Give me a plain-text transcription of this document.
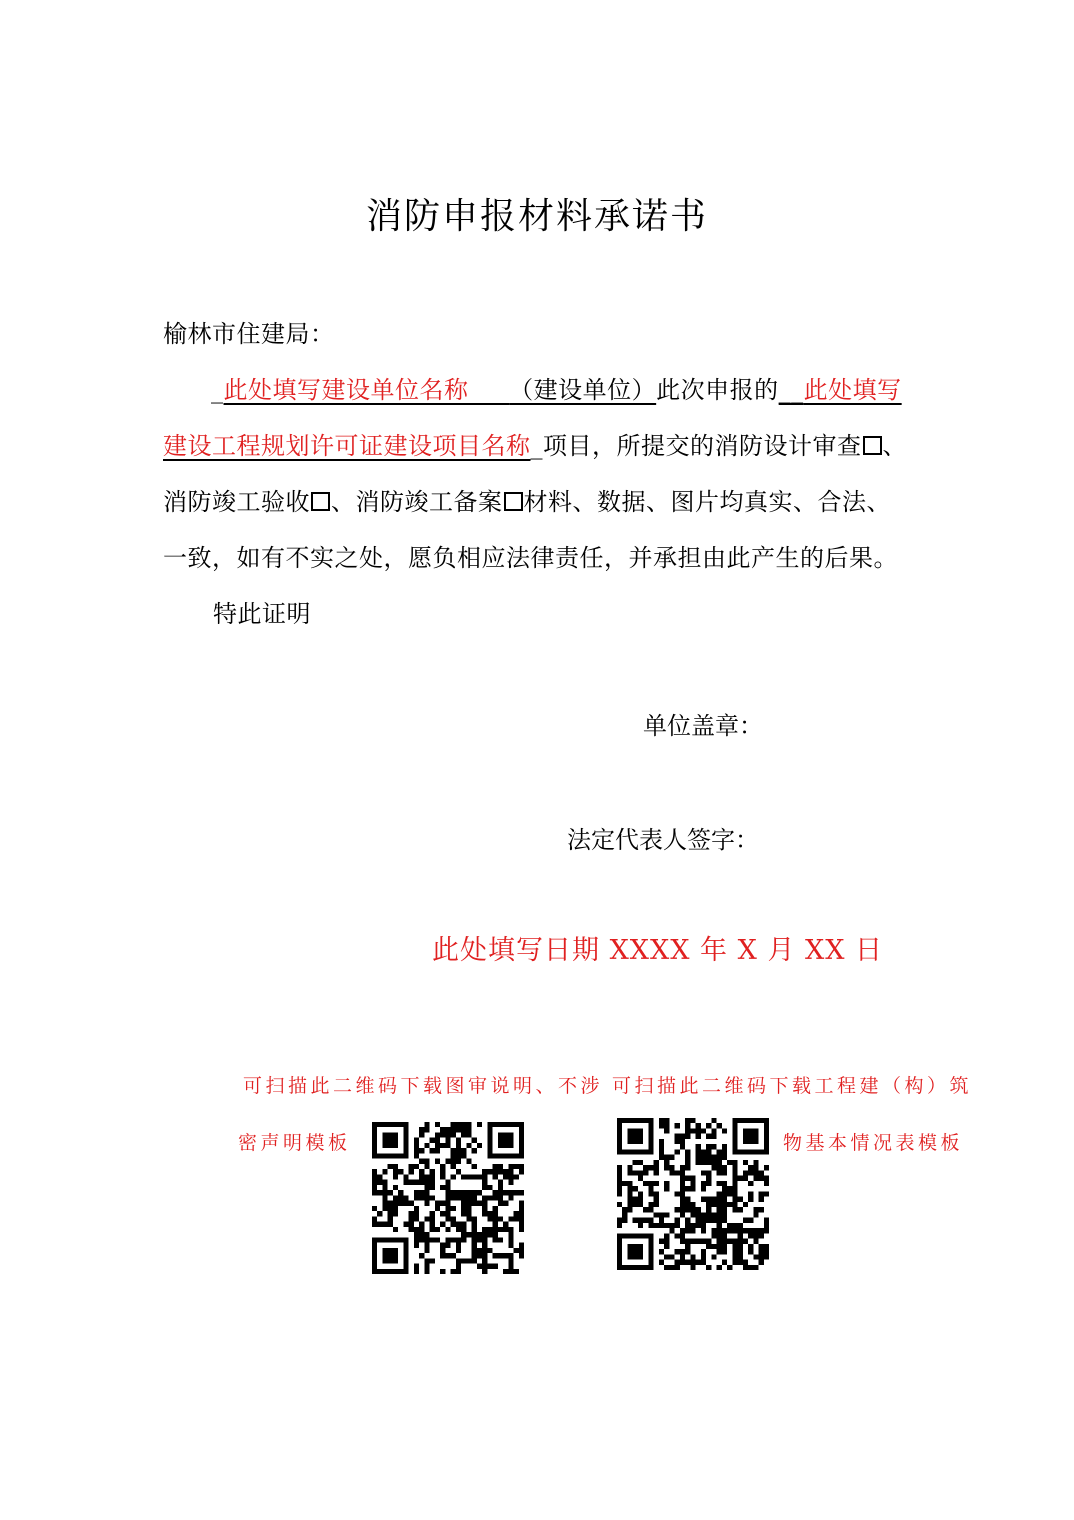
消防申报材料承诺书
榆林市住建局：
_此处填写建设单位名称 （建设单位）此次申报的__此处填写
建设工程规划许可证建设项目名称_项目，所提交的消防设计审查 、
消防竣工验收 、消防竣工备案 材料、数据、图片均真实、合法、
一致，如有不实之处，愿负相应法律责任，并承担由此产生的后果。
特此证明
单位盖章：
法定代表人签字：
此处填写日期 XXXX 年 X 月 XX 日
可扫描此二维码下载图审说明、不涉
密声明模板
可扫描此二维码下载工程建（构）筑
物基本情况表模板
